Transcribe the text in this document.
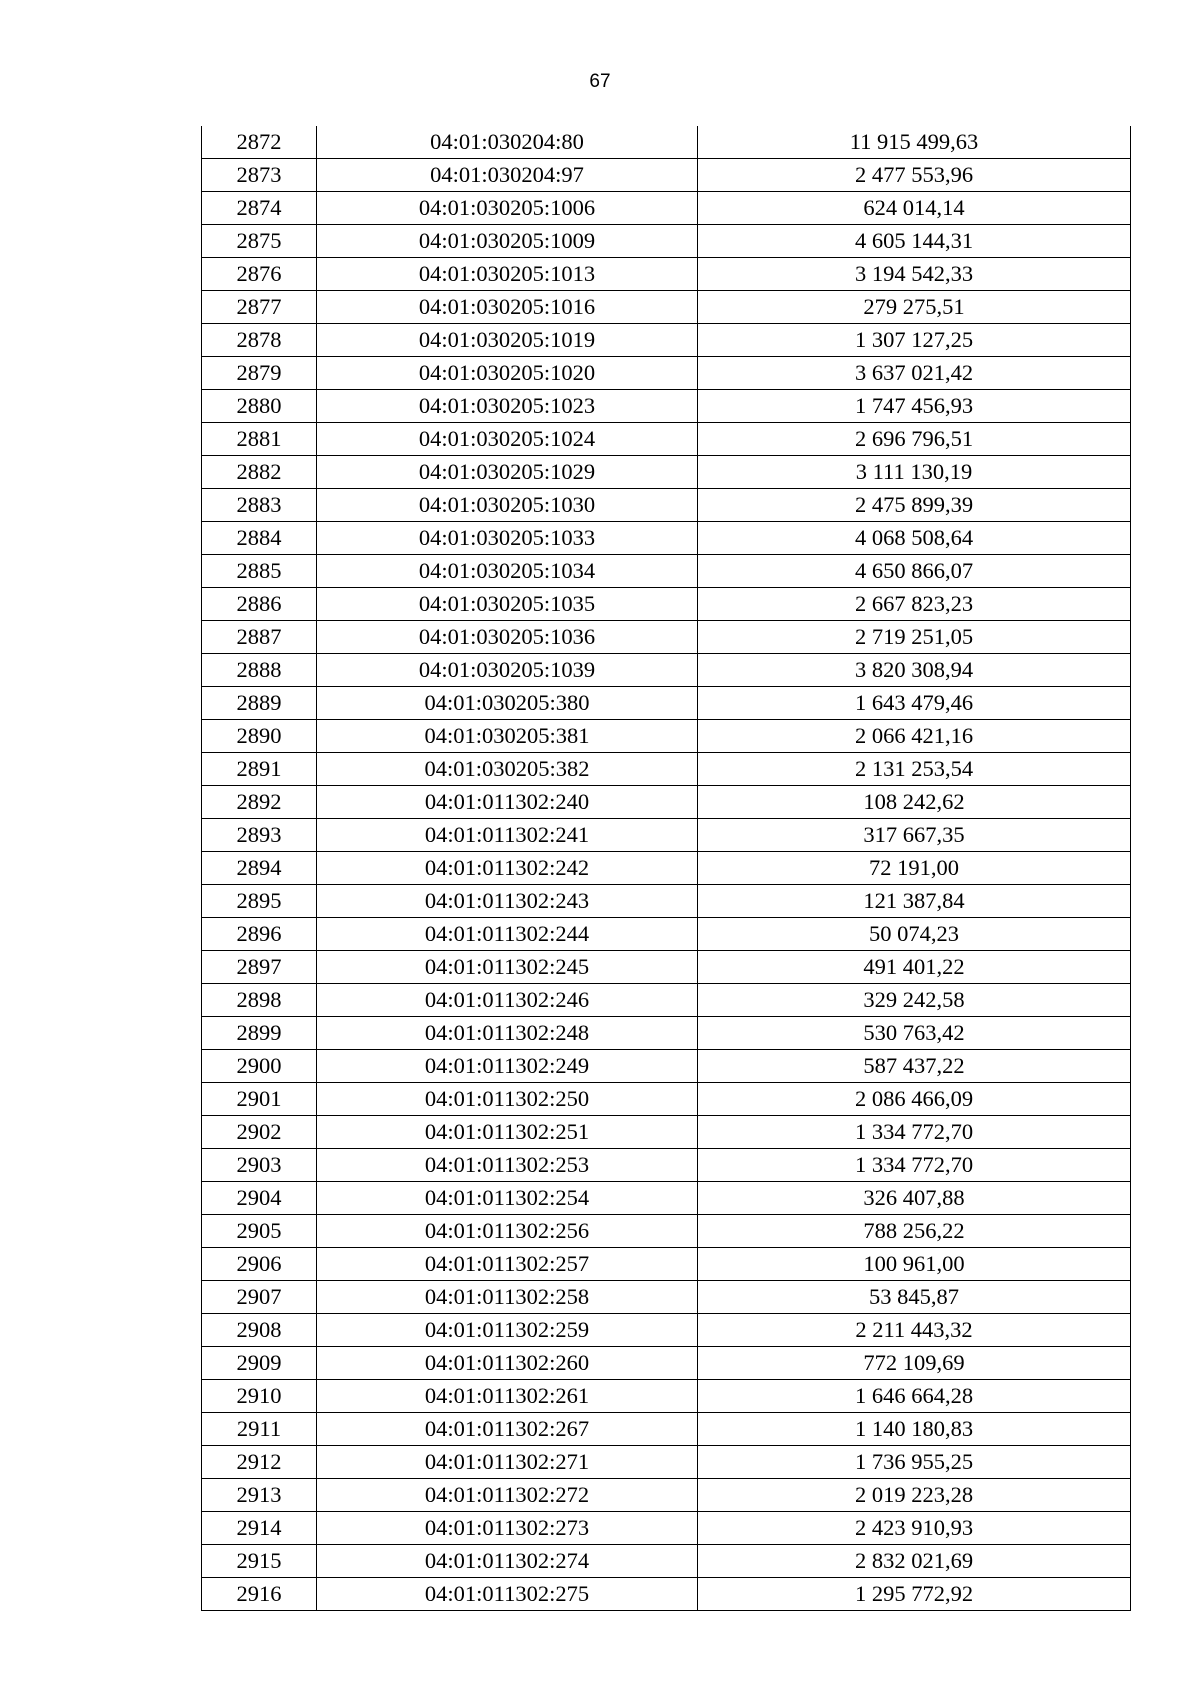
67
2872	04:01:030204:80	11 915 499,63
2873	04:01:030204:97	2 477 553,96
2874	04:01:030205:1006	624 014,14
2875	04:01:030205:1009	4 605 144,31
2876	04:01:030205:1013	3 194 542,33
2877	04:01:030205:1016	279 275,51
2878	04:01:030205:1019	1 307 127,25
2879	04:01:030205:1020	3 637 021,42
2880	04:01:030205:1023	1 747 456,93
2881	04:01:030205:1024	2 696 796,51
2882	04:01:030205:1029	3 111 130,19
2883	04:01:030205:1030	2 475 899,39
2884	04:01:030205:1033	4 068 508,64
2885	04:01:030205:1034	4 650 866,07
2886	04:01:030205:1035	2 667 823,23
2887	04:01:030205:1036	2 719 251,05
2888	04:01:030205:1039	3 820 308,94
2889	04:01:030205:380	1 643 479,46
2890	04:01:030205:381	2 066 421,16
2891	04:01:030205:382	2 131 253,54
2892	04:01:011302:240	108 242,62
2893	04:01:011302:241	317 667,35
2894	04:01:011302:242	72 191,00
2895	04:01:011302:243	121 387,84
2896	04:01:011302:244	50 074,23
2897	04:01:011302:245	491 401,22
2898	04:01:011302:246	329 242,58
2899	04:01:011302:248	530 763,42
2900	04:01:011302:249	587 437,22
2901	04:01:011302:250	2 086 466,09
2902	04:01:011302:251	1 334 772,70
2903	04:01:011302:253	1 334 772,70
2904	04:01:011302:254	326 407,88
2905	04:01:011302:256	788 256,22
2906	04:01:011302:257	100 961,00
2907	04:01:011302:258	53 845,87
2908	04:01:011302:259	2 211 443,32
2909	04:01:011302:260	772 109,69
2910	04:01:011302:261	1 646 664,28
2911	04:01:011302:267	1 140 180,83
2912	04:01:011302:271	1 736 955,25
2913	04:01:011302:272	2 019 223,28
2914	04:01:011302:273	2 423 910,93
2915	04:01:011302:274	2 832 021,69
2916	04:01:011302:275	1 295 772,92
